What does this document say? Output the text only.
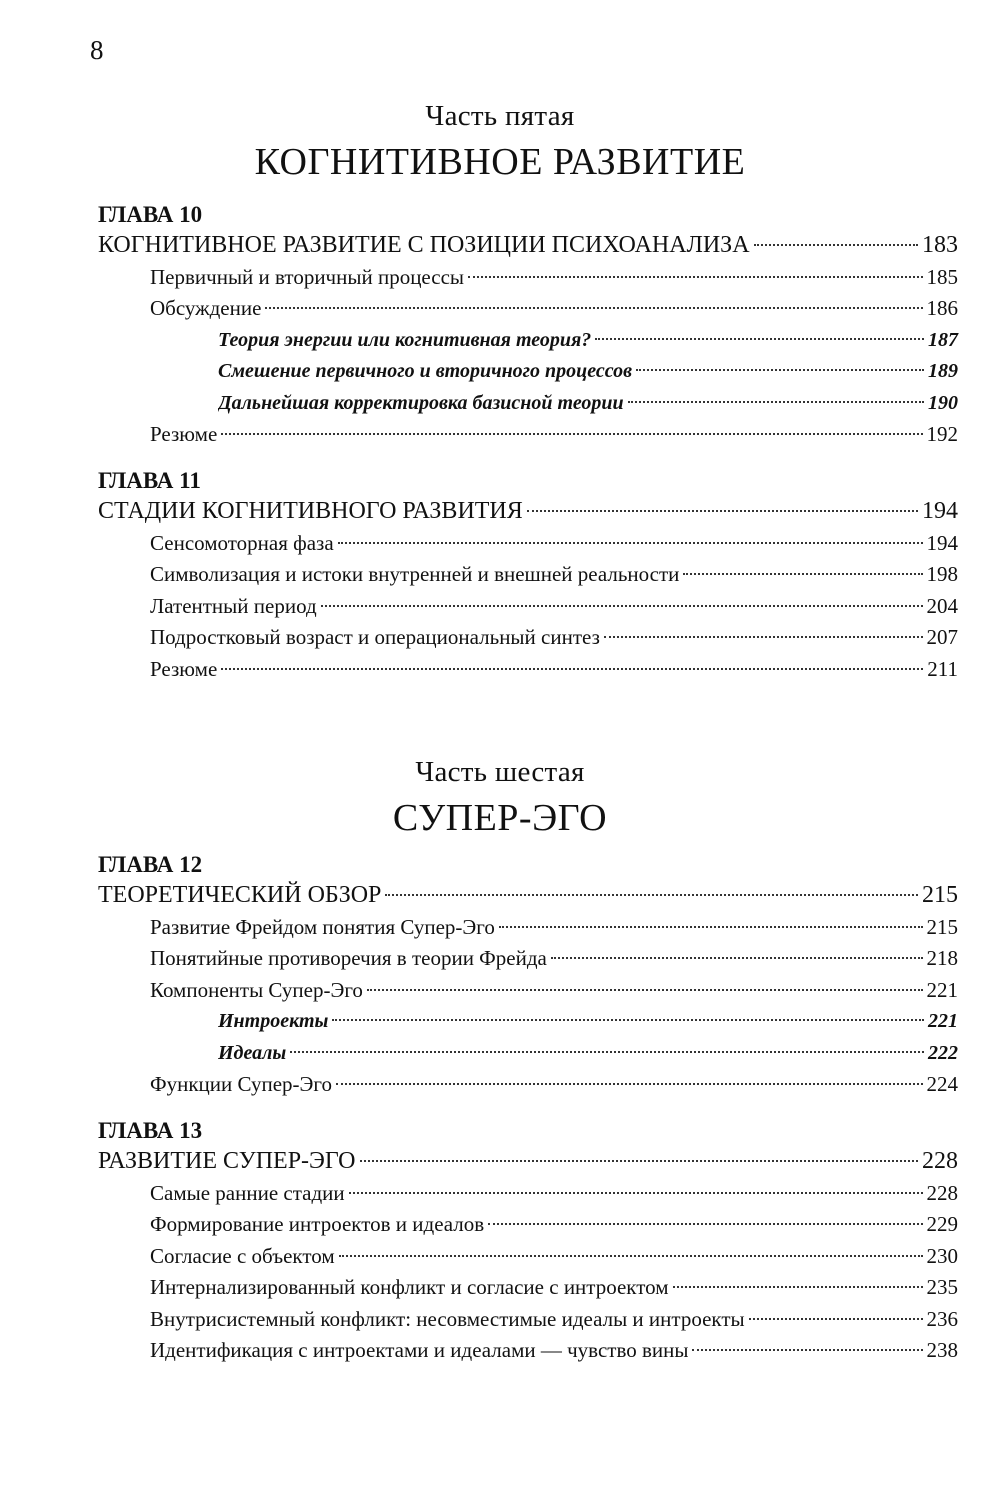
8
Часть пятая
КОГНИТИВНОЕ РАЗВИТИЕ
ГЛАВА 10
КОГНИТИВНОЕ РАЗВИТИЕ С ПОЗИЦИИ ПСИХОАНАЛИЗА	183
Первичный и вторичный процессы	185
Обсуждение	186
Теория энергии или когнитивная теория?	187
Смешение первичного и вторичного процессов	189
Дальнейшая корректировка базисной теории	190
Резюме	192
ГЛАВА 11
СТАДИИ КОГНИТИВНОГО РАЗВИТИЯ	194
Сенсомоторная фаза	194
Символизация и истоки внутренней и внешней реальности	198
Латентный период	204
Подростковый возраст и операциональный синтез	207
Резюме	211
Часть шестая
СУПЕР-ЭГО
ГЛАВА 12
ТЕОРЕТИЧЕСКИЙ ОБЗОР	215
Развитие Фрейдом понятия Супер-Эго	215
Понятийные противоречия в теории Фрейда	218
Компоненты Супер-Эго	221
Интроекты	221
Идеалы	222
Функции Супер-Эго	224
ГЛАВА 13
РАЗВИТИЕ СУПЕР-ЭГО	228
Самые ранние стадии	228
Формирование интроектов и идеалов	229
Согласие с объектом	230
Интернализированный конфликт и согласие с интроектом	235
Внутрисистемный конфликт: несовместимые идеалы и интроекты	236
Идентификация с интроектами и идеалами — чувство вины	238
